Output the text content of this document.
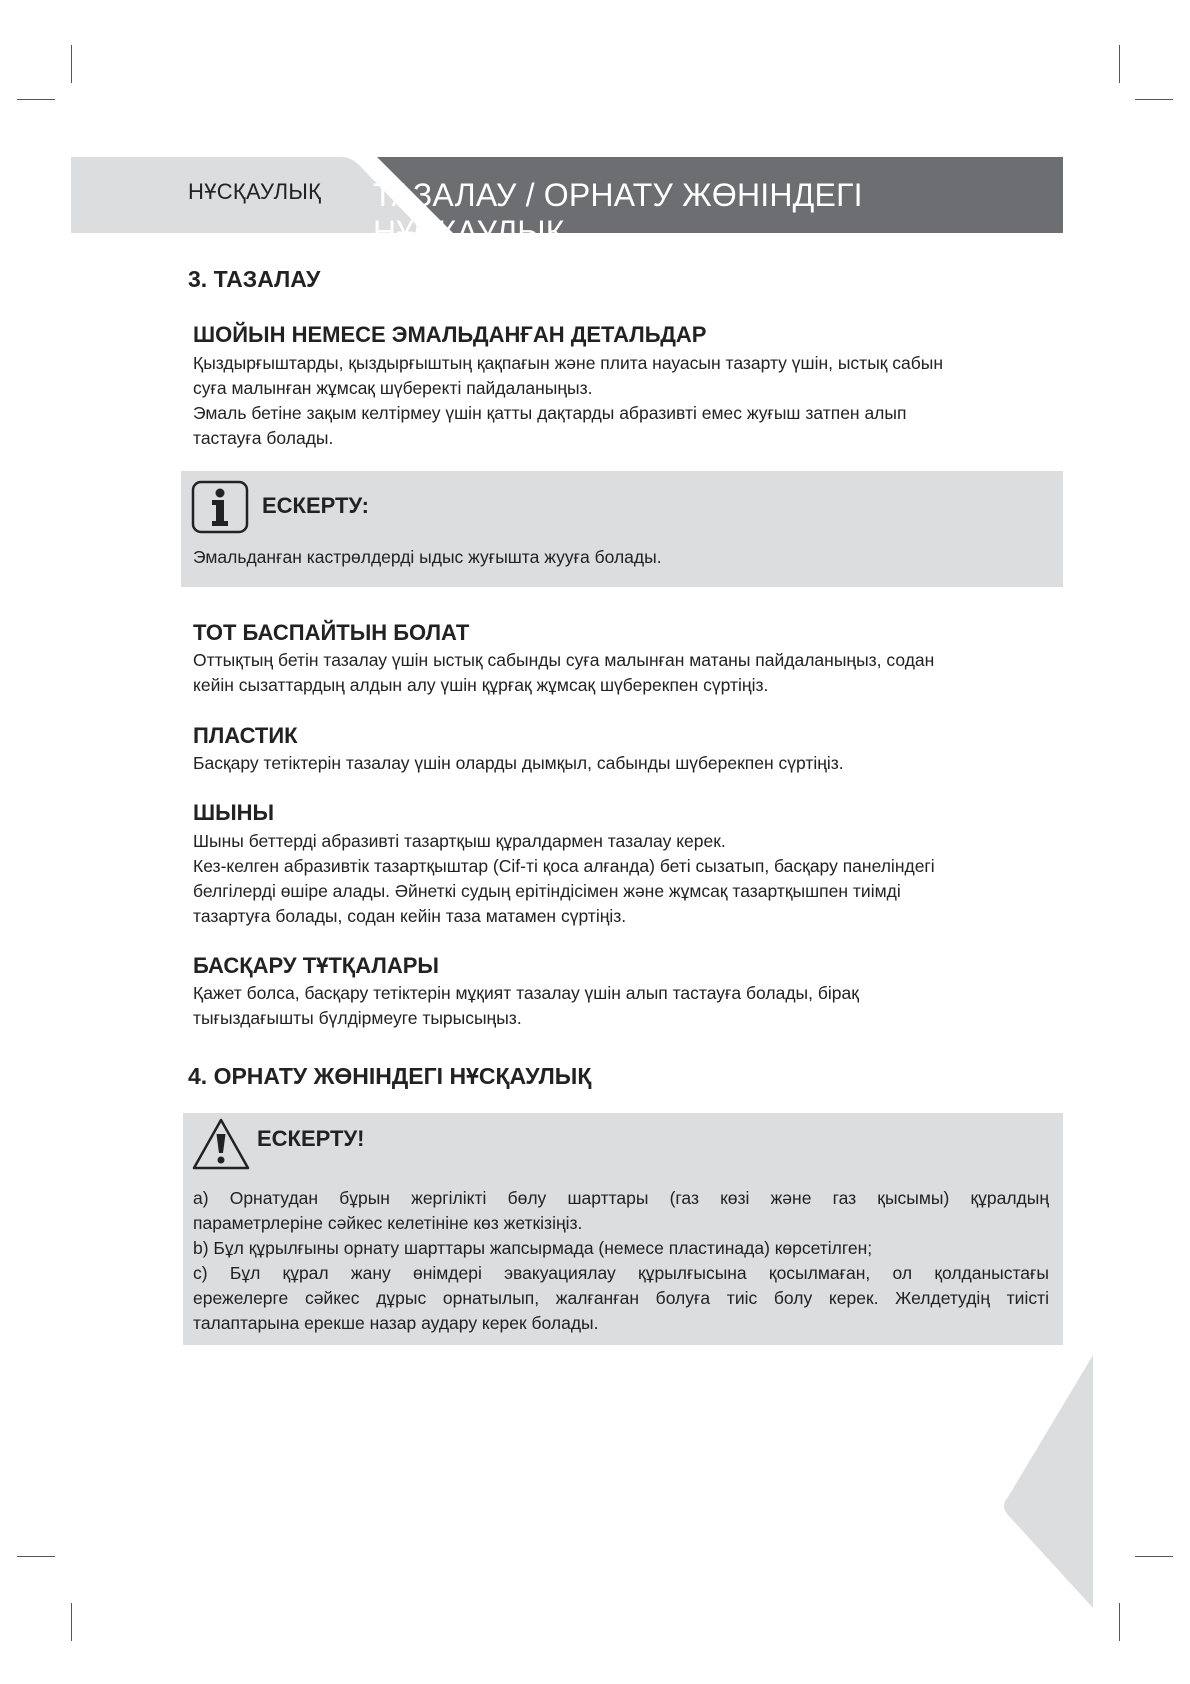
НҰСҚАУЛЫҚ ТАЗАЛАУ / ОРНАТУ ЖӨНІНДЕГІ НҰСҚАУЛЫҚ
3. ТАЗАЛАУ
ШОЙЫН НЕМЕСЕ ЭМАЛЬДАНҒАН ДЕТАЛЬДАР

Қыздырғыштарды, қыздырғыштың қақпағын және плита науасын тазарту үшін, ыстық сабын

суға малынған жұмсақ шүберекті пайдаланыңыз.

Эмаль бетіне зақым келтірмеу үшін қатты дақтарды абразивті емес жуғыш затпен алып

тастауға болады.

ЕСКЕРТУ:
Эмальданған кастрөлдерді ыдыс жуғышта жууға болады.
ТОТ БАСПАЙТЫН БОЛАТ

Оттықтың бетін тазалау үшін ыстық сабынды суға малынған матаны пайдаланыңыз, содан

кейін сызаттардың алдын алу үшін құрғақ жұмсақ шүберекпен сүртіңіз.

ПЛАСТИК

Басқару тетіктерін тазалау үшін оларды дымқыл, сабынды шүберекпен сүртіңіз.

ШЫНЫ

Шыны беттерді абразивті тазартқыш құралдармен тазалау керек.

Кез-келген абразивтік тазартқыштар (Cif-ті қоса алғанда) беті сызатып, басқару панеліндегі

белгілерді өшіре алады. Әйнеткі судың ерітіндісімен және жұмсақ тазартқышпен тиімді

тазартуға болады, содан кейін таза матамен сүртіңіз.

БАСҚАРУ ТҰТҚАЛАРЫ

Қажет болса, басқару тетіктерін мұқият тазалау үшін алып тастауға болады, бірақ

тығыздағышты бүлдірмеуге тырысыңыз.

4. ОРНАТУ ЖӨНІНДЕГІ НҰСҚАУЛЫҚ
ЕСКЕРТУ!

a) Орнатудан бұрын жергілікті бөлу шарттары (газ көзі және газ қысымы) құралдың

параметрлеріне сәйкес келетініне көз жеткізіңіз.

b) Бұл құрылғыны орнату шарттары жапсырмада (немесе пластинада) көрсетілген;

c) Бұл құрал жану өнімдері эвакуациялау құрылғысына қосылмаған, ол қолданыстағы

ережелерге сәйкес дұрыс орнатылып, жалғанған болуға тиіс болу керек. Желдетудің тиісті

талаптарына ерекше назар аудару керек болады.
